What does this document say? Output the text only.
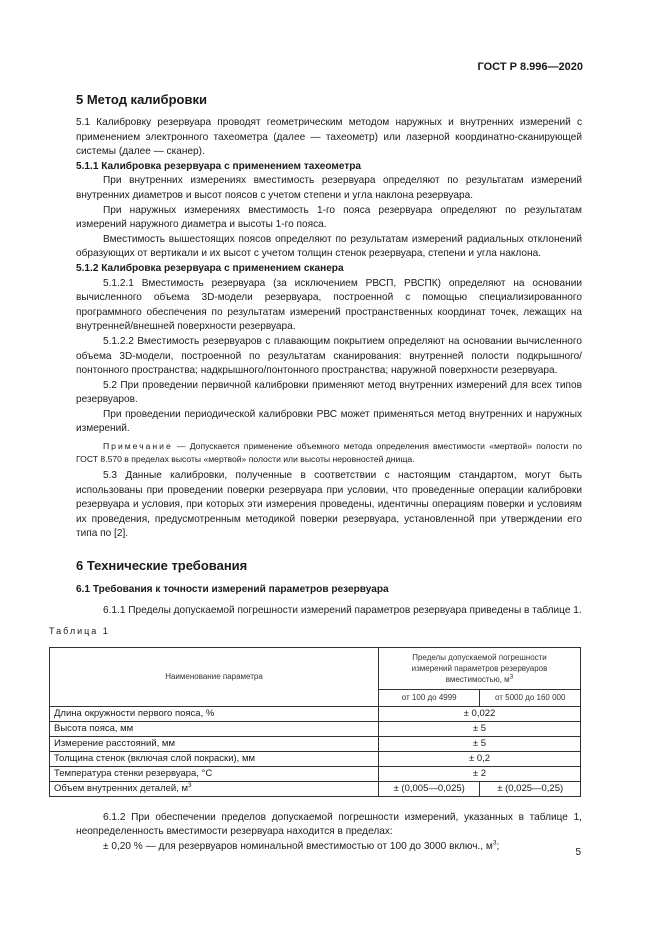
ГОСТ Р 8.996—2020
5 Метод калибровки

5.1 Калибровку резервуара проводят геометрическим методом наружных и внутренних измерений с применением электронного тахеометра (далее — тахеометр) или лазерной координатно-сканирующей системы (далее — сканер).

5.1.1 Калибровка резервуара с применением тахеометра

При внутренних измерениях вместимость резервуара определяют по результатам измерений внутренних диаметров и высот поясов с учетом степени и угла наклона резервуара.

При наружных измерениях вместимость 1-го пояса резервуара определяют по результатам измерений наружного диаметра и высоты 1-го пояса.

Вместимость вышестоящих поясов определяют по результатам измерений радиальных отклонений образующих от вертикали и их высот с учетом толщин стенок резервуара, степени и угла наклона.

5.1.2 Калибровка резервуара с применением сканера

5.1.2.1 Вместимость резервуара (за исключением РВСП, РВСПК) определяют на основании вычисленного объема 3D-модели резервуара, построенной с помощью специализированного программного обеспечения по результатам измерений пространственных координат точек, лежащих на внутренней/внешней поверхности резервуара.

5.1.2.2 Вместимость резервуаров с плавающим покрытием определяют на основании вычисленного объема 3D-модели, построенной по результатам сканирования: внутренней полости подкрышного/понтонного пространства; надкрышного/понтонного пространства; наружной поверхности резервуара.

5.2 При проведении первичной калибровки применяют метод внутренних измерений для всех типов резервуаров.

При проведении периодической калибровки РВС может применяться метод внутренних и наружных измерений.

Примечание — Допускается применение объемного метода определения вместимости «мертвой» полости по ГОСТ 8.570 в пределах высоты «мертвой» полости или высоты неровностей днища.

5.3 Данные калибровки, полученные в соответствии с настоящим стандартом, могут быть использованы при проведении поверки резервуара при условии, что проведенные операции калибровки резервуара и условия, при которых эти измерения проведены, идентичны операциям поверки и условиям их проведения, предусмотренным методикой поверки резервуара, установленной при утверждении его типа по [2].

6 Технические требования
6.1 Требования к точности измерений параметров резервуара

6.1.1 Пределы допускаемой погрешности измерений параметров резервуара приведены в таблице 1.

Таблица 1
Наименование параметра	Пределы допускаемой погрешности измерений параметров резервуаров вместимостью, $м^3$
	от 100 до 4999	от 5000 до 160 000
Длина окружности первого пояса, %	± 0,022	
Высота пояса, мм	± 5	
Измерение расстояний, мм	± 5	
Толщина стенок (включая слой покраски), мм	± 0,2	
Температура стенки резервуара, °С	± 2	
Объем внутренних деталей, $м^3$	± (0,005—0,025)	± (0,025—0,25)

6.1.2 При обеспечении пределов допускаемой погрешности измерений, указанных в таблице 1, неопределенность вместимости резервуара находится в пределах:

± 0,20 % — для резервуаров номинальной вместимостью от 100 до 3000 включ., $м^3$;

5
